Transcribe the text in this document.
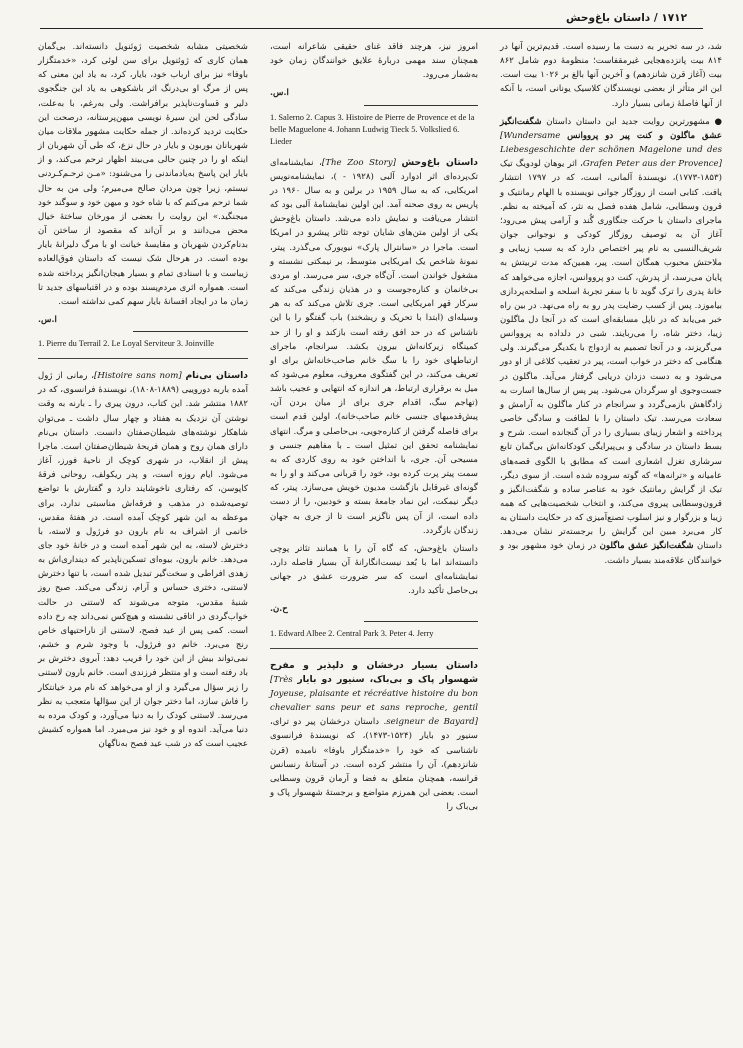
۱۷۱۲ / داستان باغ‌وحش

شد، در سه تحریر به دست ما رسیده است. قدیم‌ترین آنها در ۸۱۴ بیت پانزده‌هجایی غیرمقفاست؛ منظومهٔ دوم شامل ۸۶۲ بیت (آغاز قرن شانزدهم) و آخرین آنها بالغ بر ۱۰۲۶ بیت است. این اثر متأثر از بعضی نویسندگان کلاسیک یونانی است، با آنکه از آنها فاصلهٔ زمانی بسیار دارد.

● مشهورترین روایت جدید این داستان داستان شگفت‌انگیز عشق ماگلون و کنت پیر دو پرووانس [Wundersame Liebesgeschichte der schönen Magelone und des Grafen Peter aus der Provence]، اثر یوهان لودویگ تیک (۱۸۵۳-۱۷۷۳)، نویسندهٔ آلمانی، است، که در ۱۷۹۷ انتشار یافت. کتابی است از روزگار جوانی نویسنده با الهام رمانتیک و قرون وسطایی، شامل هفده فصل به نثر، که آمیخته به نظم. ماجرای داستان با حرکت جنگاوری گُند و آرامی پیش می‌رود؛ آغاز آن به توصیف روزگار کودکی و نوجوانی جوان شریف‌النسبی به نام پیر اختصاص دارد که به سبب زیبایی و ملاحتش محبوب همگان است. پیر، همین‌که مدت تربیتش به پایان می‌رسد، از پدرش، کنت دو پرووانس، اجازه می‌خواهد که خانهٔ پدری را ترک گوید تا با سفر تجربهٔ اسلحه و اسلحه‌پردازی بیاموزد. پس از کسب رضایت پدر رو به راه می‌نهد. در بین راه خبر می‌یابد که در ناپل مسابقه‌ای است که در آنجا دل ماگلون زیبا، دختر شاه، را می‌ربایند. شبی در دلداده به پرووانس می‌گریزند، و در آنجا تصمیم به ازدواج با یکدیگر می‌گیرند. ولی هنگامی که دختر در خواب است، پیر در تعقیب کلاغی از او دور می‌شود و به دست دزدان دریایی گرفتار می‌آید. ماگلون در جست‌وجوی او سرگردان می‌شود. پیر پس از سال‌ها اسارت به زادگاهش بازمی‌گردد و سرانجام در کنار ماگلون به آرامش و سعادت می‌رسد. تیک داستان را با لطافت و سادگی خاصی پرداخته و اشعار زیبای بسیاری را در آن گنجانده است. شرح و بسط داستان در سادگی و بی‌پیرایگی کودکانه‌اش بی‌گمان تابع سرشاری تغزل اشعاری است که مطابق با الگوی قصه‌های عامیانه و «ترانه‌ها» که گوته سروده شده است. از سوی دیگر، تیک از گرایش رمانتیک خود به عناصر ساده و شگفت‌انگیز و قرون‌وسطایی پیروی می‌کند، و انتخاب شخصیت‌هایی که همه زیبا و بزرگوار و نیز اسلوب تصنع‌آمیزی که در حکایت داستان به کار می‌برد مبین این گرایش را برجسته‌تر نشان می‌دهد. داستان شگفت‌انگیز عشق ماگلون در زمان خود مشهور بود و خوانندگان علاقه‌مند بسیار داشت.

امروز نیز، هرچند فاقد غنای حقیقی شاعرانه است، همچنان سند مهمی دربارهٔ علایق خوانندگان زمان خود به‌شمار می‌رود.

ا.س.

1. Salerno 2. Capus 3. Histoire de Pierre de Provence et de la belle Maguelone 4. Johann Ludwig Tieck 5. Volkslied 6. Lieder

داستان باغ‌وحش [The Zoo Story]، نمایشنامه‌ای تک‌پرده‌ای اثر ادوارد آلبی (۱۹۲۸ - )، نمایشنامه‌نویس امریکایی، که به سال ۱۹۵۹ در برلین و به سال ۱۹۶۰ در پاریس به روی صحنه آمد. این اولین نمایشنامهٔ آلبی بود که انتشار می‌یافت و نمایش داده می‌شد. داستان باغ‌وحش یکی از اولین متن‌های شایان توجه تئاتر پیشرو در امریکا است. ماجرا در «سانترال پارک» نیویورک می‌گذرد. پیتر، نمونهٔ شاخص یک امریکایی متوسط، بر نیمکتی نشسته و مشغول خواندن است. آن‌گاه جری، سر می‌رسد. او مردی بی‌خانمان و کناره‌جوست و در هذیان زندگی می‌کند که سرکار قهر امریکایی است. جری تلاش می‌کند که به هر وسیله‌ای (ابتدا با تحریک و ریشخند) باب گفتگو را با این ناشناس که در حد افق رفته است بازکند و او را از حد کمینگاه زیرکانه‌اش بیرون بکشد. سرانجام، ماجرای ارتباطهای خود را با سگ خانم صاحب‌خانه‌اش برای او تعریف می‌کند، در این گفتگوی معروف، معلوم می‌شود که میل به برقراری ارتباط، هر اندازه که انتهایی و عجیب باشد (تهاجم سگ، اقدام جری برای از میان بردن آن، پیش‌قدمیهای جنسی خانم صاحب‌خانه)، اولین قدم است برای فاصله گرفتن از کناره‌جویی، بی‌حاصلی و مرگ. انتهای نمایشنامه تحقق این تمثیل است ـ با مفاهیم جنسی و مسیحی آن. جری، با انداختن خود به روی کاردی که به سمت پیتر پرت کرده بود، خود را قربانی می‌کند و او را به گونه‌ای غیرقابل بازگشت مدیون خویش می‌سازد. پیتر، که دیگر نیمکت، این نماد جامعهٔ بسته و خودبین، را از دست داده است، از آن پس ناگزیر است تا از جری به جهان زندگان بازگردد.

داستان باغ‌وحش، که گاه آن را با همانند تئاتر پوچی دانسته‌اند اما با بُعد نیست‌انگارانهٔ آن بسیار فاصله دارد، نمایشنامه‌ای است که سر ضرورت عشق در جهانی بی‌حاصل تأکید دارد.

ح.ن.

1. Edward Albee 2. Central Park 3. Peter 4. Jerry

داستان بسیار درخشان و دلپذیر و مفرح شهسوار پاک و بی‌باک، سنیور دو بایار [Très Joyeuse, plaisante et récréative histoire du bon chevalier sans peur et sans reproche, gentil seigneur de Bayard]. داستان درخشان پیر دو ترای، سنیور دو بایار (۱۵۲۴-۱۴۷۳)، که نویسندهٔ فرانسوی ناشناسی که خود را «خدمتگزار باوفا» نامیده (قرن شانزدهم)، آن را منتشر کرده است. در آستانهٔ رنسانس فرانسه، همچنان متعلق به فضا و آرمان قرون وسطایی است. بعضی این همرزم متواضع و برجستهٔ شهسوار پاک و بی‌باک را

شخصیتی مشابه شخصیت ژوئنویل دانسته‌اند. بی‌گمان همان کاری که ژوئنویل برای سن لوئی کرد، «خدمتگزار باوفا» نیز برای ارباب خود، بایار، کرد، به یاد این معنی که پس از مرگ او بی‌درنگ اثر باشکوهی به یاد این جنگجوی دلیر و قساوت‌ناپذیر برافراشت. ولی به‌رغم، با به‌علت، سادگی لحن این سیرهٔ نویسی میهن‌پرستانه، درصحت این حکایت تردید کرده‌اند. از جمله حکایت مشهور ملاقات میان شهربانان بوربون و بایار در حال نزع، که طی آن شهربان از اینکه او را در چنین حالی می‌بیند اظهار ترحم می‌کند، و از بایار این پاسخ به‌یادماندنی را می‌شنود: «مـن ترحـم‌کـردنی نیستم، زیرا چون مردان صالح می‌میرم؛ ولی من به حال شما ترحم می‌کنم که با شاه خود و میهن خود و سوگند خود میجنگید.» این روایت را بعضی از مورخان ساختهٔ خیال محض می‌دانند و بر آن‌اند که مقصود از ساختن آن بدنام‌کردن شهربان و مقایسهٔ خیانت او با مرگ دلیرانهٔ بایار بوده است. در هرحال شک نیست که داستان فوق‌العاده زیباست و با اسنادی تمام و بسیار هیجان‌انگیز پرداخته شده است. همواره اثری مردم‌پسند بوده و در اقتباسهای جدید تا زمان ما در ایجاد افسانهٔ بایار سهم کمی نداشته است.

ا.س.

1. Pierre du Terrail 2. Le Loyal Serviteur 3. Joinville

داستان بی‌نام [Histoire sans nom]، رمانی از ژول آمده باربه دوروییی (۱۸۸۹-۱۸۰۸)، نویسندهٔ فرانسوی، که در ۱۸۸۲ منتشر شد. این کتاب، درون پیری را ـ بارنه به وقت نوشتن آن نزدیک به هفتاد و چهار سال داشت ـ می‌توان شاهکار نوشته‌های شیطان‌صفتان دانست. داستان بی‌نام دارای همان روح و همان فریحهٔ شیطان‌صفتان است. ماجرا پیش از انقلاب، در شهری کوچک از ناحیهٔ فورز، آغاز می‌شود. ایام روزه است، و پدر ریکولف، روحانی فرقهٔ کاپوسن، که رفتاری ناخوشایند دارد و گفتارش با تواضع توصیه‌شده در مذهب و فرقه‌اش مناسبتی ندارد، برای موعظه به این شهر کوچک آمده است. در هفتهٔ مقدس، خانمی از اشراف به نام بارون دو فرژول و لاسته، با دخترش لاسته، به این شهر آمده است و در خانهٔ خود جای می‌دهد. خانم بارون، بیوه‌ای تسکین‌ناپذیر که دینداری‌اش به زهدی افراطی و سخت‌گیر تبدیل شده است، با تنها دخترش لاستنی، دختری حساس و آرام، زندگی می‌کند. صبح روز شنبهٔ مقدس، متوجه می‌شوند که لاستنی در حالت خواب‌گردی در اتاقی نشسته و هیچ‌کس نمی‌داند چه رخ داده است. کمی پس از عید فصح، لاستنی از ناراحتیهای خاص رنج می‌برد. خانم دو فرژول، با وجود شرم و خشم، نمی‌تواند بیش از این خود را فریب دهد: آبروی دخترش بر باد رفته است و او منتظر فرزندی است. خانم بارون لاستنی را زیر سؤال می‌گیرد و از او می‌خواهد که نام مرد خیانتکار را فاش سازد، اما دختر جوان از این سؤالها متعجب به نظر می‌رسد. لاستنی کودک را به دنیا می‌آورد، و کودک مرده به دنیا می‌آید. اندوه او و خود نیز می‌میرد. اما همواره کشیش عجیب است که در شب عید فصح به‌ناگهان
